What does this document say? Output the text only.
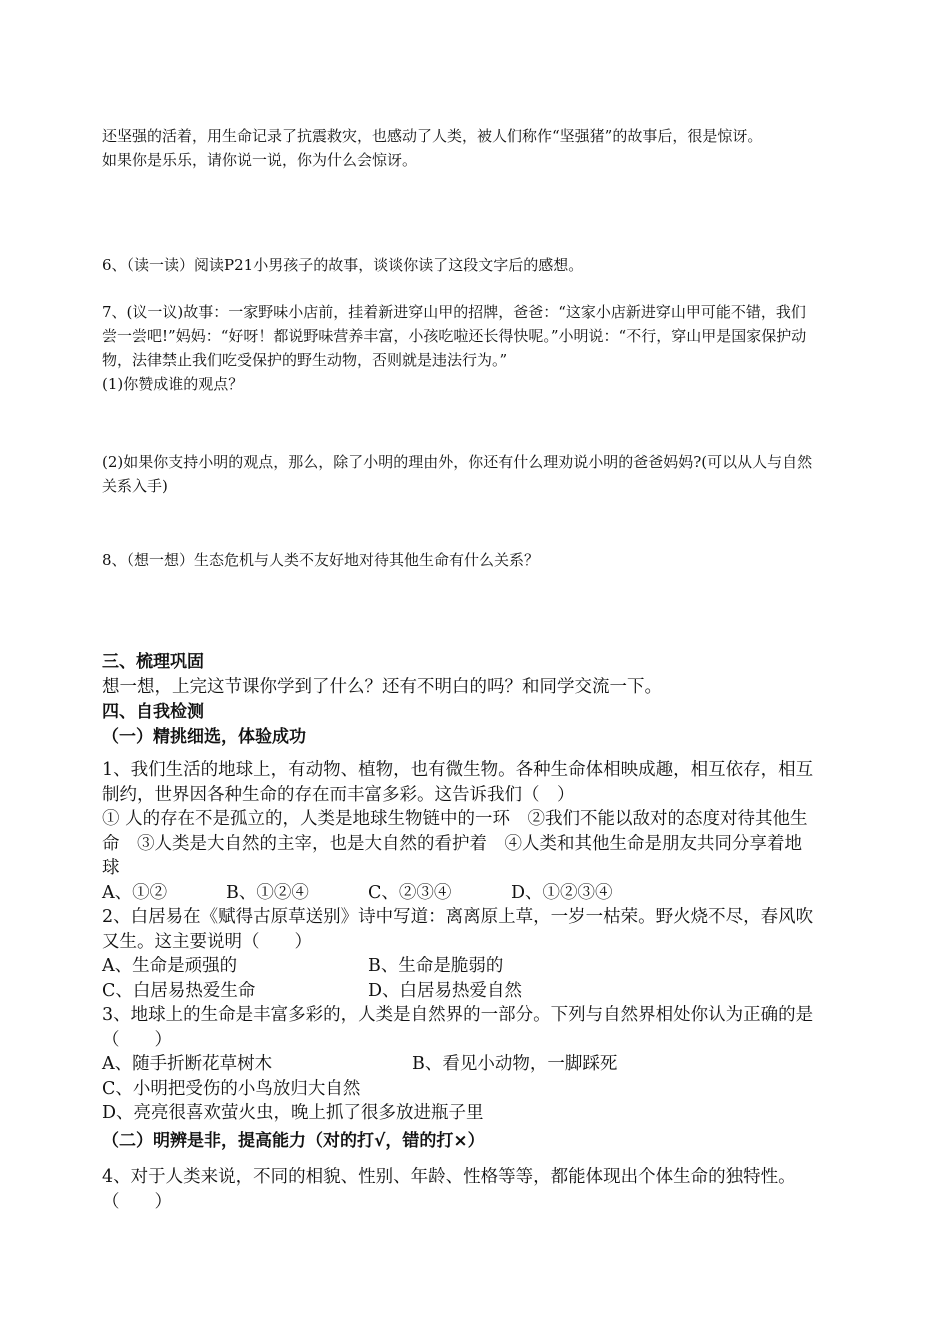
还坚强的活着，用生命记录了抗震救灾，也感动了人类，被人们称作“坚强猪”的故事后，很是惊讶。

如果你是乐乐，请你说一说，你为什么会惊讶。

6、（读一读）阅读P21小男孩子的故事，谈谈你读了这段文字后的感想。

7、(议一议)故事：一家野味小店前，挂着新进穿山甲的招牌，爸爸：“这家小店新进穿山甲可能不错，我们尝一尝吧!”妈妈：“好呀！都说野味营养丰富，小孩吃啦还长得快呢。”小明说：“不行，穿山甲是国家保护动物，法律禁止我们吃受保护的野生动物，否则就是违法行为。”

(1)你赞成谁的观点？

(2)如果你支持小明的观点，那么，除了小明的理由外，你还有什么理劝说小明的爸爸妈妈?(可以从人与自然关系入手)

8、（想一想）生态危机与人类不友好地对待其他生命有什么关系？

三、梳理巩固

想一想，上完这节课你学到了什么？还有不明白的吗？和同学交流一下。

四、自我检测

（一）精挑细选，体验成功

1、我们生活的地球上，有动物、植物，也有微生物。各种生命体相映成趣，相互依存，相互制约，世界因各种生命的存在而丰富多彩。这告诉我们（　）

① 人的存在不是孤立的，人类是地球生物链中的一环　②我们不能以敌对的态度对待其他生命　③人类是大自然的主宰，也是大自然的看护着　④人类和其他生命是朋友共同分享着地球

A、①②	B、①②④	C、②③④	D、①②③④

2、白居易在《赋得古原草送别》诗中写道：离离原上草，一岁一枯荣。野火烧不尽，春风吹又生。这主要说明（　　）

A、生命是顽强的	B、生命是脆弱的
C、白居易热爱生命	D、白居易热爱自然

3、地球上的生命是丰富多彩的，人类是自然界的一部分。下列与自然界相处你认为正确的是（　　）

A、随手折断花草树木	B、看见小动物，一脚踩死

C、小明把受伤的小鸟放归大自然

D、亮亮很喜欢萤火虫，晚上抓了很多放进瓶子里

（二）明辨是非，提高能力（对的打√，错的打×）

4、对于人类来说，不同的相貌、性别、年龄、性格等等，都能体现出个体生命的独特性。（　　）
